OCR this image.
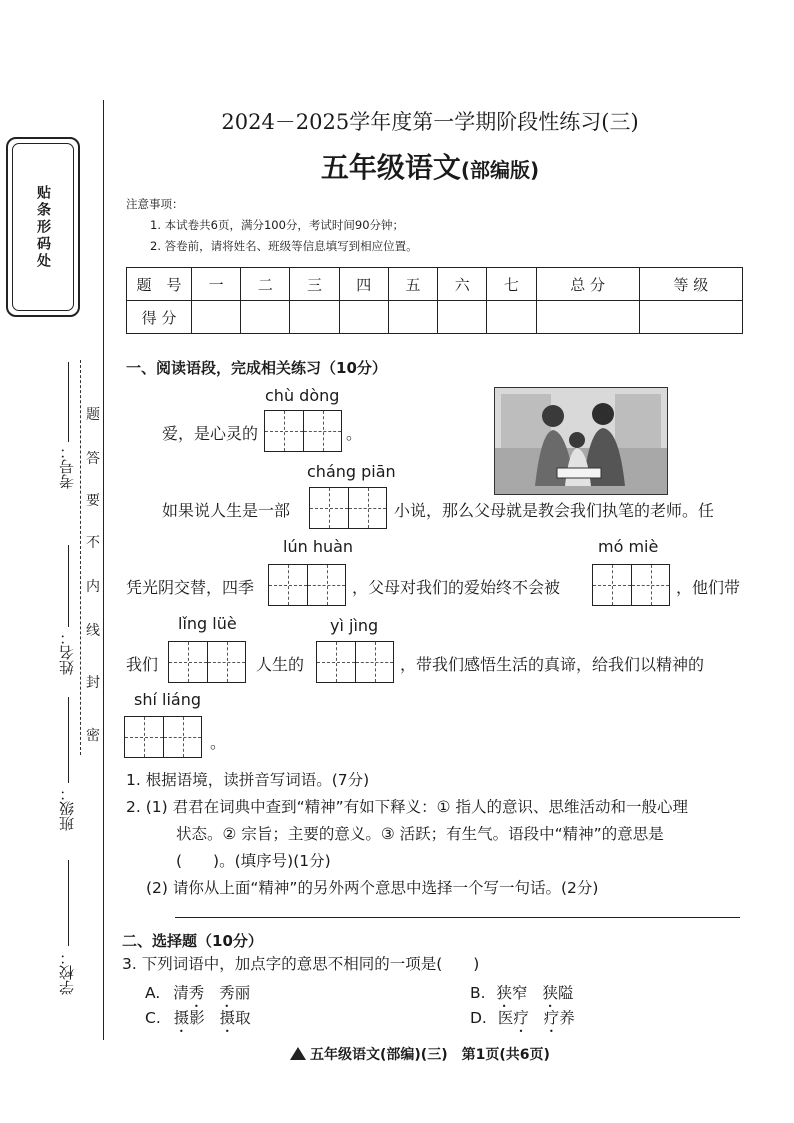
贴条形码处
考号：
姓名：
班级：
学校：
密
封
线
内
不
要
答
题
2024－2025学年度第一学期阶段性练习(三)
五年级语文(部编版)
注意事项：
1. 本试卷共6页，满分100分，考试时间90分钟；
2. 答卷前，请将姓名、班级等信息填写到相应位置。
题　号	一	二	三	四	五	六	七	总 分	等 级
得 分									
一、阅读语段，完成相关练习（10分）
chù dòng
爱，是心灵的	。
cháng piān
如果说人生是一部	小说，那么父母就是教会我们执笔的老师。任
lún huàn	mó miè
凭光阴交替，四季	，父母对我们的爱始终不会被	，他们带
lǐng lüè	yì jìng
我们	人生的	，带我们感悟生活的真谛，给我们以精神的
shí liáng
。
1. 根据语境，读拼音写词语。(7分)
2. (1) 君君在词典中查到“精神”有如下释义：① 指人的意识、思维活动和一般心理
状态。② 宗旨；主要的意义。③ 活跃；有生气。语段中“精神”的意思是
(　　)。(填序号)(1分)
(2) 请你从上面“精神”的另外两个意思中选择一个写一句话。(2分)
二、选择题（10分）
3. 下列词语中，加点字的意思不相同的一项是(　　)
A. 清秀 秀丽	B. 狭窄 狭隘
C. 摄影 摄取	D. 医疗 疗养
五年级语文(部编)(三)　第1页(共6页)
